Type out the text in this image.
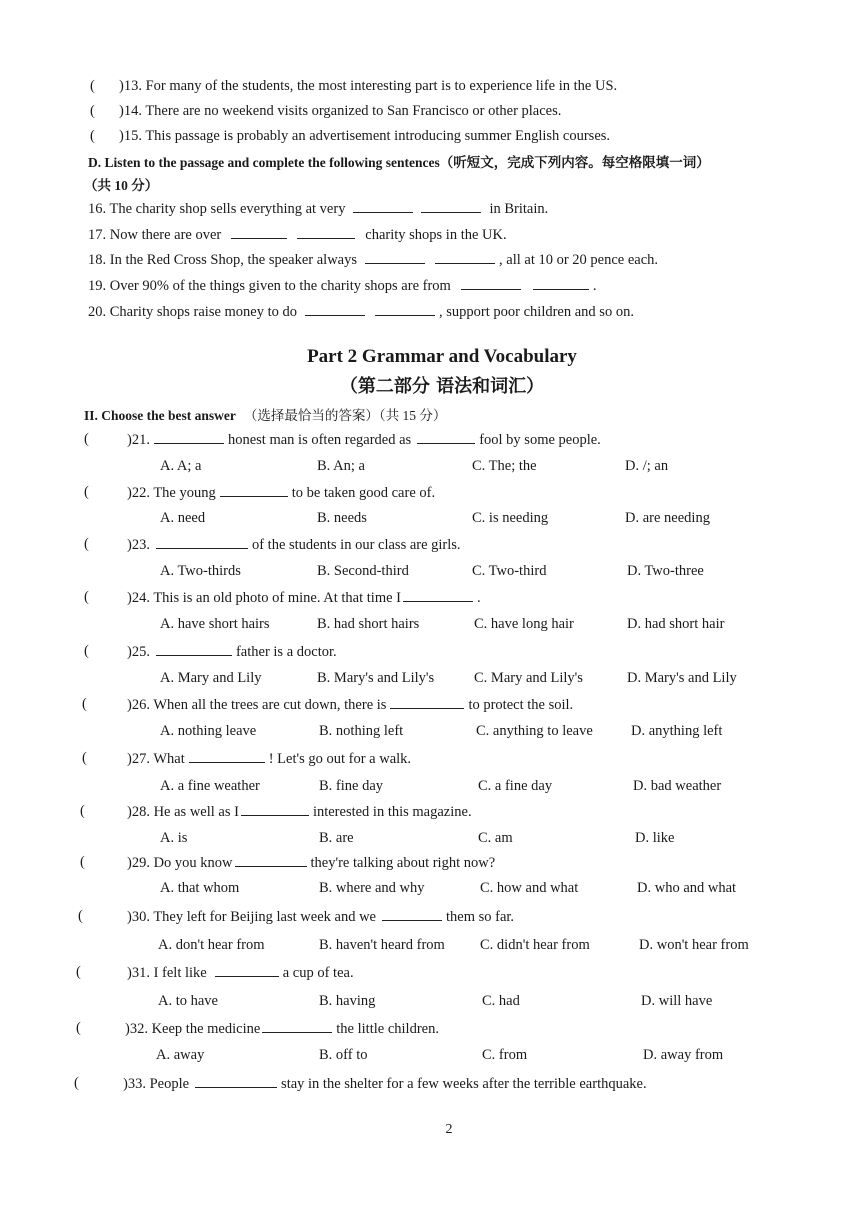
( )13. For many of the students, the most interesting part is to experience life in the US.
( )14. There are no weekend visits organized to San Francisco or other places.
( )15. This passage is probably an advertisement introducing summer English courses.
D. Listen to the passage and complete the following sentences（听短文，完成下列内容。每空格限填一词）
（共 10 分）
16. The charity shop sells everything at very	in Britain.
17. Now there are over	charity shops in the UK.
18. In the Red Cross Shop, the speaker always	, all at 10 or 20 pence each.
19. Over 90% of the things given to the charity shops are from	.
20. Charity shops raise money to do	, support poor children and so on.
Part 2 Grammar and Vocabulary
（第二部分 语法和词汇）
II. Choose the best answer （选择最恰当的答案）（共 15 分）
(	)21.	honest man is often regarded as	fool by some people.
A. A; a	B. An; a	C. The; the	D. /; an
(	)22. The young	to be taken good care of.
A. need	B. needs	C. is needing	D. are needing
(	)23.	of the students in our class are girls.
A. Two-thirds	B. Second-third	C. Two-third	D. Two-three
(	)24. This is an old photo of mine. At that time I	.
A. have short hairs	B. had short hairs	C. have long hair	D. had short hair
(	)25.	father is a doctor.
A. Mary and Lily	B. Mary's and Lily's	C. Mary and Lily's	D. Mary's and Lily
(	)26. When all the trees are cut down, there is	to protect the soil.
A. nothing leave	B. nothing left	C. anything to leave	D. anything left
(	)27. What	! Let's go out for a walk.
A. a fine weather	B. fine day	C. a fine day	D. bad weather
(	)28. He as well as I	interested in this magazine.
A. is	B. are	C. am	D. like
(	)29. Do you know	they're talking about right now?
A. that whom	B. where and why	C. how and what	D. who and what
(	)30. They left for Beijing last week and we	them so far.
A. don't hear from	B. haven't heard from C. didn't hear from	D. won't hear from
(	)31. I felt like	a cup of tea.
A. to have	B. having	C. had	D. will have
(	)32. Keep the medicine	the little children.
A. away	B. off to	C. from	D. away from
(	)33. People	stay in the shelter for a few weeks after the terrible earthquake.
2
